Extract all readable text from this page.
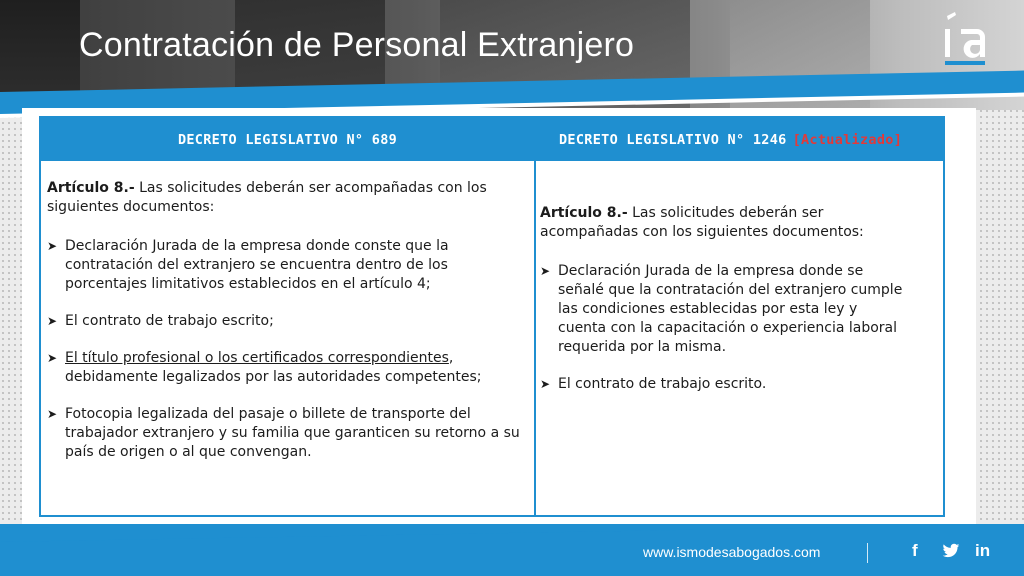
Contratación de Personal Extranjero
DECRETO LEGISLATIVO N° 689

Artículo 8.- Las solicitudes deberán ser acompañadas con los siguientes documentos:

➤ Declaración Jurada de la empresa donde conste que la contratación del extranjero se encuentra dentro de los porcentajes limitativos establecidos en el artículo 4;
➤ El contrato de trabajo escrito;
➤ El título profesional o los certificados correspondientes, debidamente legalizados por las autoridades competentes;
➤ Fotocopia legalizada del pasaje o billete de transporte del trabajador extranjero y su familia que garanticen su retorno a su país de origen o al que convengan.
DECRETO LEGISLATIVO N° 1246 [Actualizado]

Artículo 8.- Las solicitudes deberán ser acompañadas con los siguientes documentos:

➤ Declaración Jurada de la empresa donde se señalé que la contratación del extranjero cumple las condiciones establecidas por esta ley y cuenta con la capacitación o experiencia laboral requerida por la misma.
➤ El contrato de trabajo escrito.
www.ismodesabogados.com	f	in
